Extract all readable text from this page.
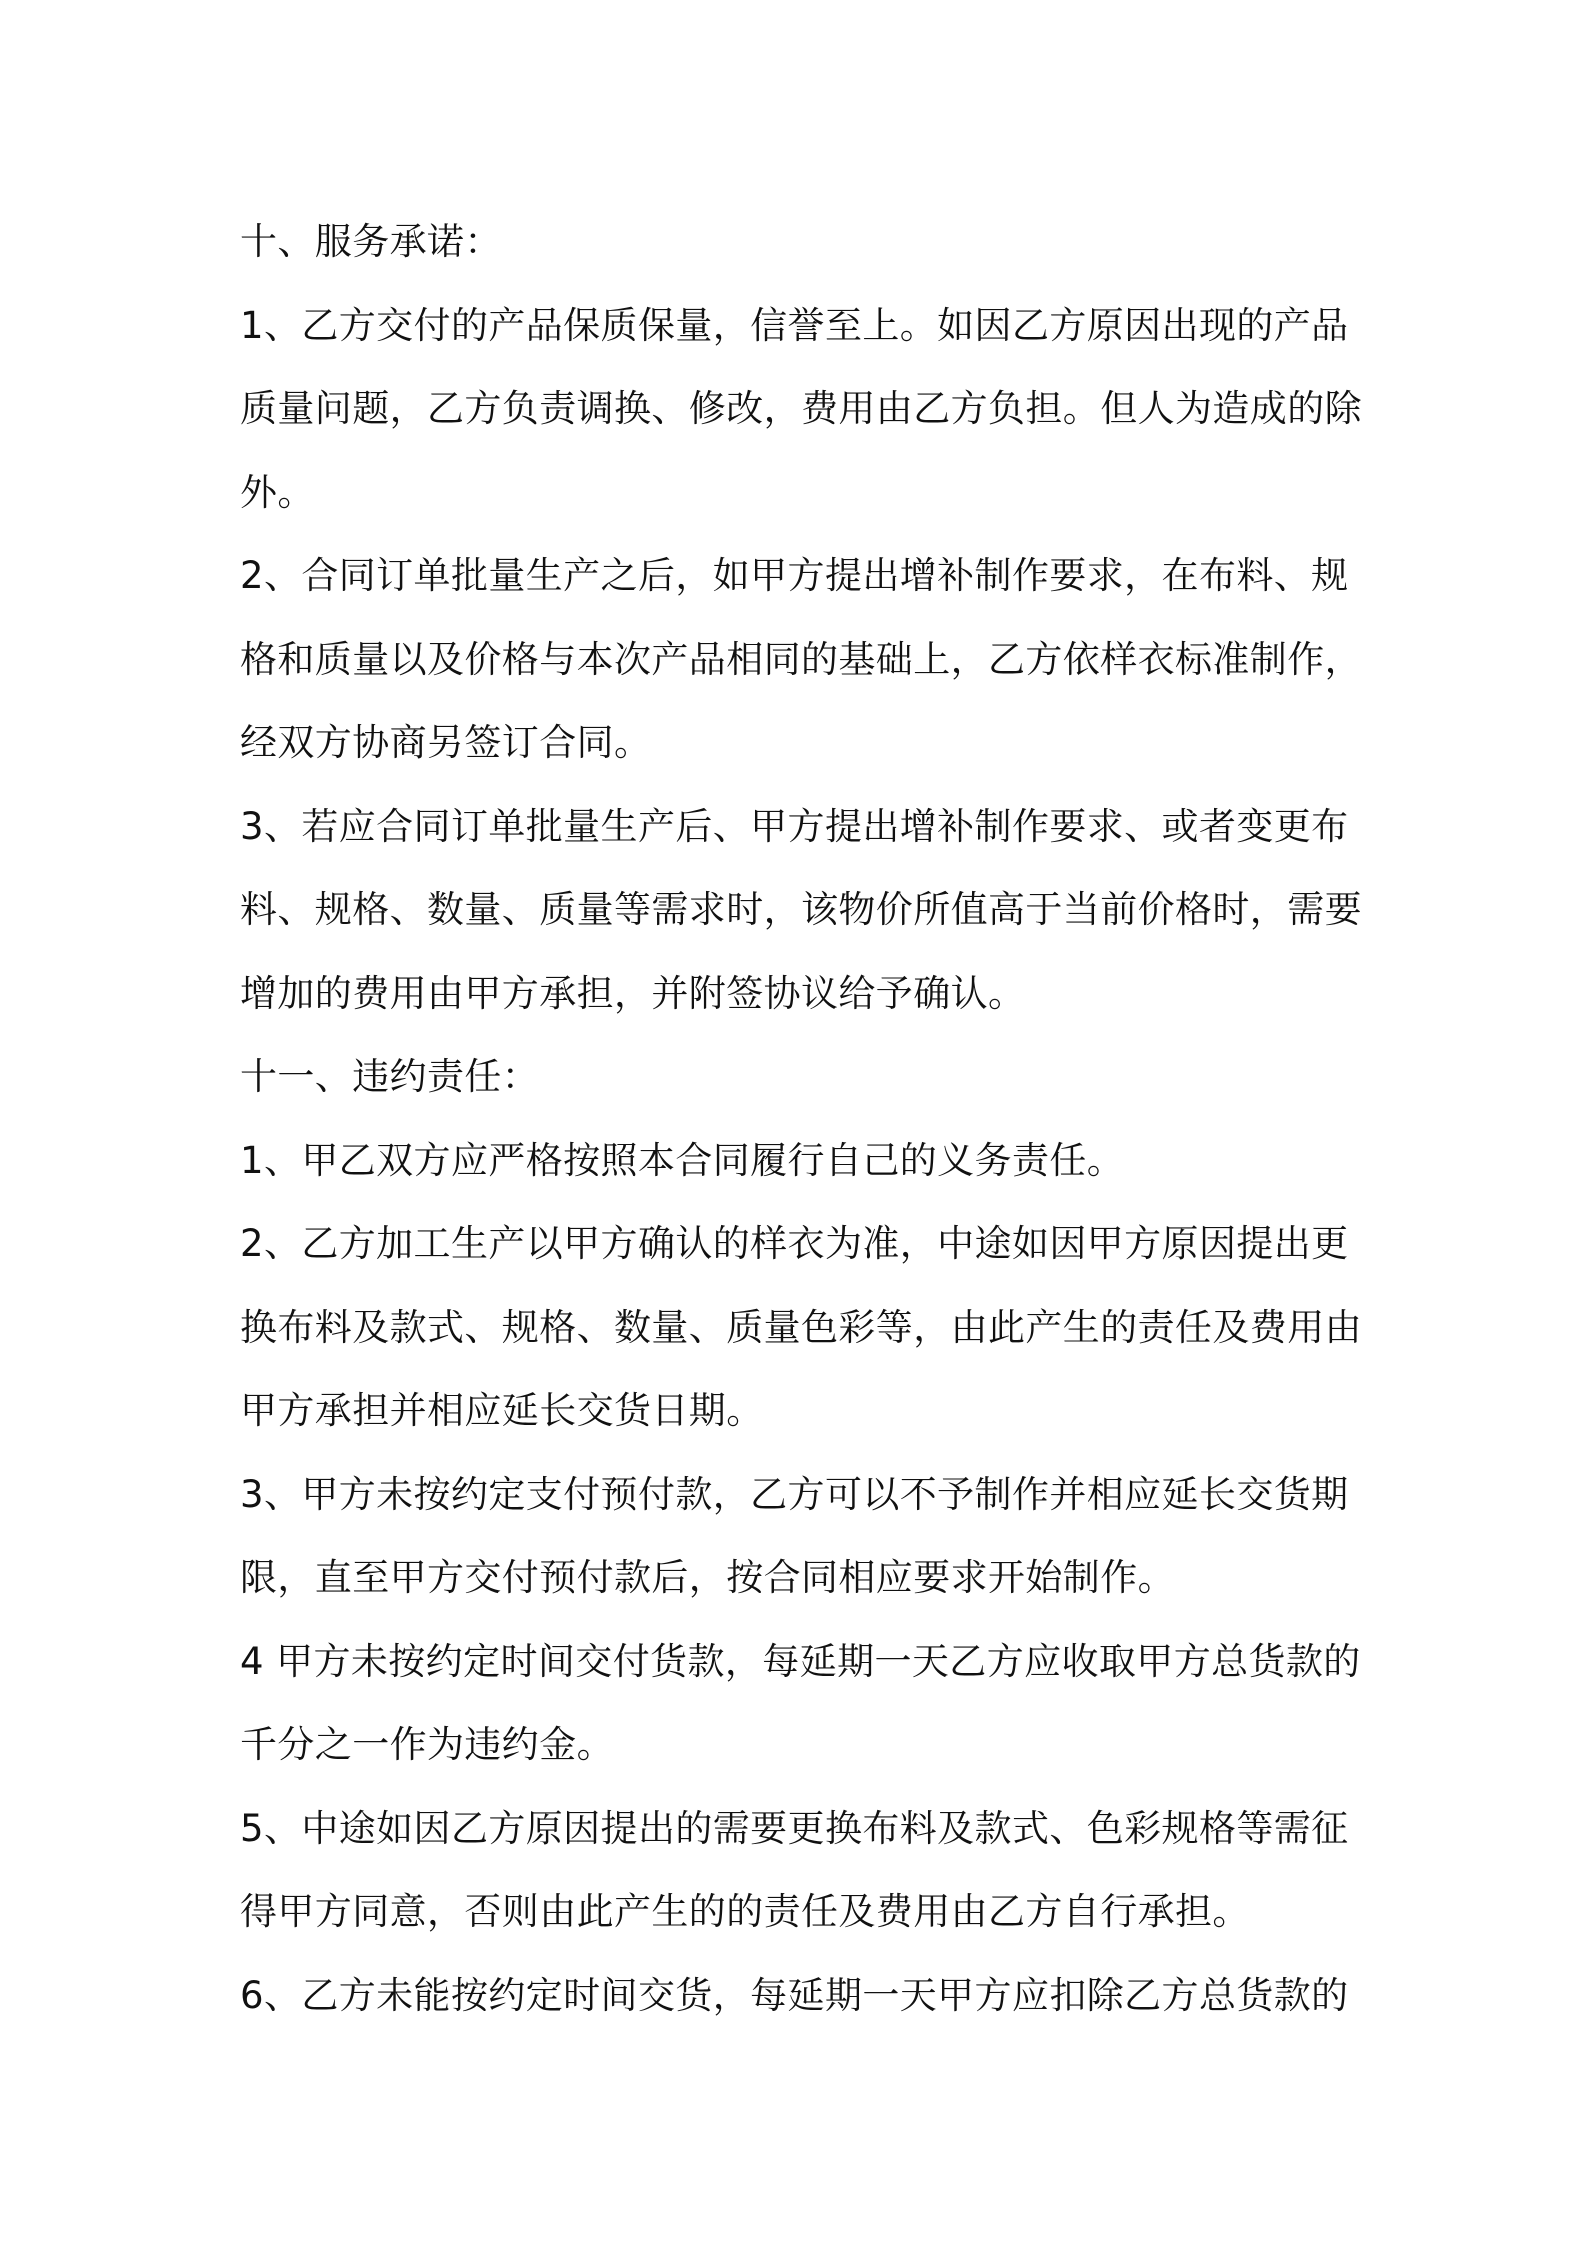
十、服务承诺：

1、乙方交付的产品保质保量，信誉至上。如因乙方原因出现的产品
质量问题，乙方负责调换、修改，费用由乙方负担。但人为造成的除
外。

2、合同订单批量生产之后，如甲方提出增补制作要求，在布料、规
格和质量以及价格与本次产品相同的基础上，乙方依样衣标准制作，
经双方协商另签订合同。

3、若应合同订单批量生产后、甲方提出增补制作要求、或者变更布
料、规格、数量、质量等需求时，该物价所值高于当前价格时，需要
增加的费用由甲方承担，并附签协议给予确认。

十一、违约责任：

1、甲乙双方应严格按照本合同履行自己的义务责任。

2、乙方加工生产以甲方确认的样衣为准，中途如因甲方原因提出更
换布料及款式、规格、数量、质量色彩等，由此产生的责任及费用由
甲方承担并相应延长交货日期。

3、甲方未按约定支付预付款，乙方可以不予制作并相应延长交货期
限，直至甲方交付预付款后，按合同相应要求开始制作。

4 甲方未按约定时间交付货款，每延期一天乙方应收取甲方总货款的
千分之一作为违约金。

5、中途如因乙方原因提出的需要更换布料及款式、色彩规格等需征
得甲方同意，否则由此产生的的责任及费用由乙方自行承担。

6、乙方未能按约定时间交货，每延期一天甲方应扣除乙方总货款的
